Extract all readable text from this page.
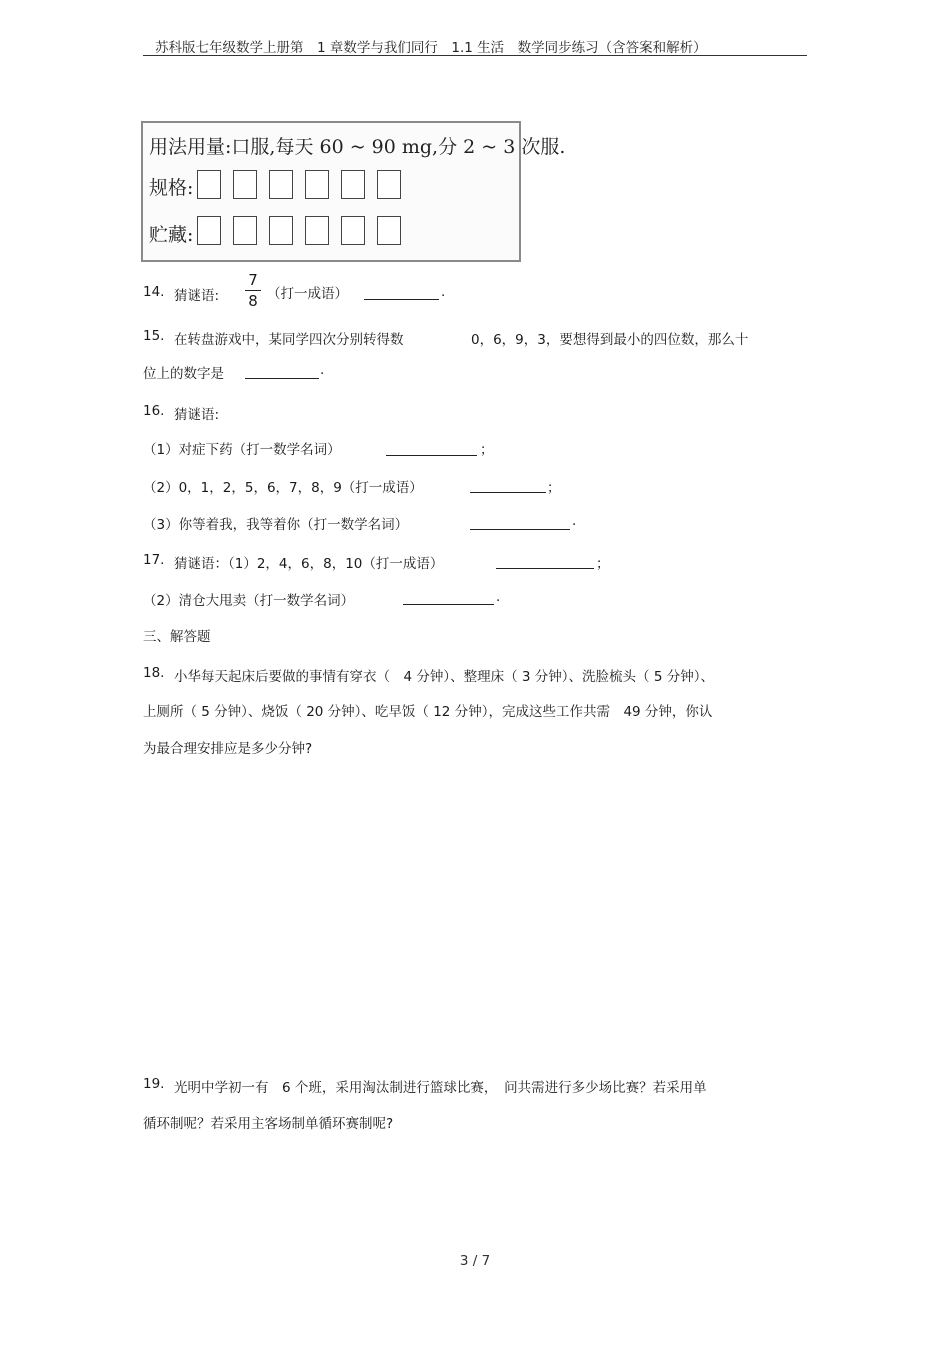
苏科版七年级数学上册第　1 章数学与我们同行　1.1 生活　数学同步练习（含答案和解析）
用法用量:口服,每天 60 ~ 90 mg,分 2 ~ 3 次服.
规格:
贮藏:
14. 猜谜语:
7
8 （打一成语）	.
15. 在转盘游戏中，某同学四次分别转得数	0，6，9，3，要想得到最小的四位数，那么十
位上的数字是	.
16. 猜谜语:
（1）对症下药（打一数学名词）	；
（2）0，1，2，5，6，7，8，9（打一成语）	；
（3）你等着我，我等着你（打一数学名词）	.
17. 猜谜语：（1）2，4，6，8，10（打一成语）	；
（2）清仓大甩卖（打一数学名词）	.
三、解答题
18. 小华每天起床后要做的事情有穿衣（　4 分钟）、整理床（ 3 分钟）、洗脸梳头（ 5 分钟）、
上厕所（ 5 分钟）、烧饭（ 20 分钟）、吃早饭（ 12 分钟），完成这些工作共需　49 分钟，你认
为最合理安排应是多少分钟?
19. 光明中学初一有　6 个班，采用淘汰制进行篮球比赛，　问共需进行多少场比赛？若采用单
循环制呢？若采用主客场制单循环赛制呢?
3 / 7
